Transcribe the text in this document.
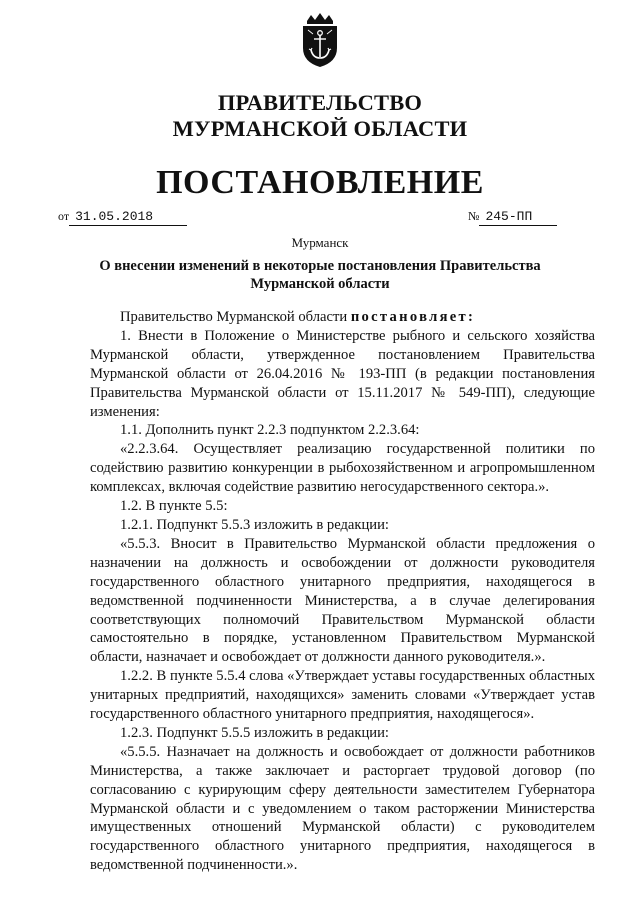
ПРАВИТЕЛЬСТВО
МУРМАНСКОЙ ОБЛАСТИ
ПОСТАНОВЛЕНИЕ
от 31.05.2018	№ 245-ПП
Мурманск
О внесении изменений в некоторые постановления Правительства
Мурманской области

Правительство Мурманской области постановляет:

1. Внести в Положение о Министерстве рыбного и сельского хозяйства Мурманской области, утвержденное постановлением Правительства Мурманской области от 26.04.2016 № 193-ПП (в редакции постановления Правительства Мурманской области от 15.11.2017 № 549-ПП), следующие изменения:

1.1. Дополнить пункт 2.2.3 подпунктом 2.2.3.64:

«2.2.3.64. Осуществляет реализацию государственной политики по содействию развитию конкуренции в рыбохозяйственном и агропромышленном комплексах, включая содействие развитию негосударственного сектора.».

1.2. В пункте 5.5:

1.2.1. Подпункт 5.5.3 изложить в редакции:

«5.5.3. Вносит в Правительство Мурманской области предложения о назначении на должность и освобождении от должности руководителя государственного областного унитарного предприятия, находящегося в ведомственной подчиненности Министерства, а в случае делегирования соответствующих полномочий Правительством Мурманской области самостоятельно в порядке, установленном Правительством Мурманской области, назначает и освобождает от должности данного руководителя.».

1.2.2. В пункте 5.5.4 слова «Утверждает уставы государственных областных унитарных предприятий, находящихся» заменить словами «Утверждает устав государственного областного унитарного предприятия, находящегося».

1.2.3. Подпункт 5.5.5 изложить в редакции:

«5.5.5. Назначает на должность и освобождает от должности работников Министерства, а также заключает и расторгает трудовой договор (по согласованию с курирующим сферу деятельности заместителем Губернатора Мурманской области и с уведомлением о таком расторжении Министерства имущественных отношений Мурманской области) с руководителем государственного областного унитарного предприятия, находящегося в ведомственной подчиненности.».
